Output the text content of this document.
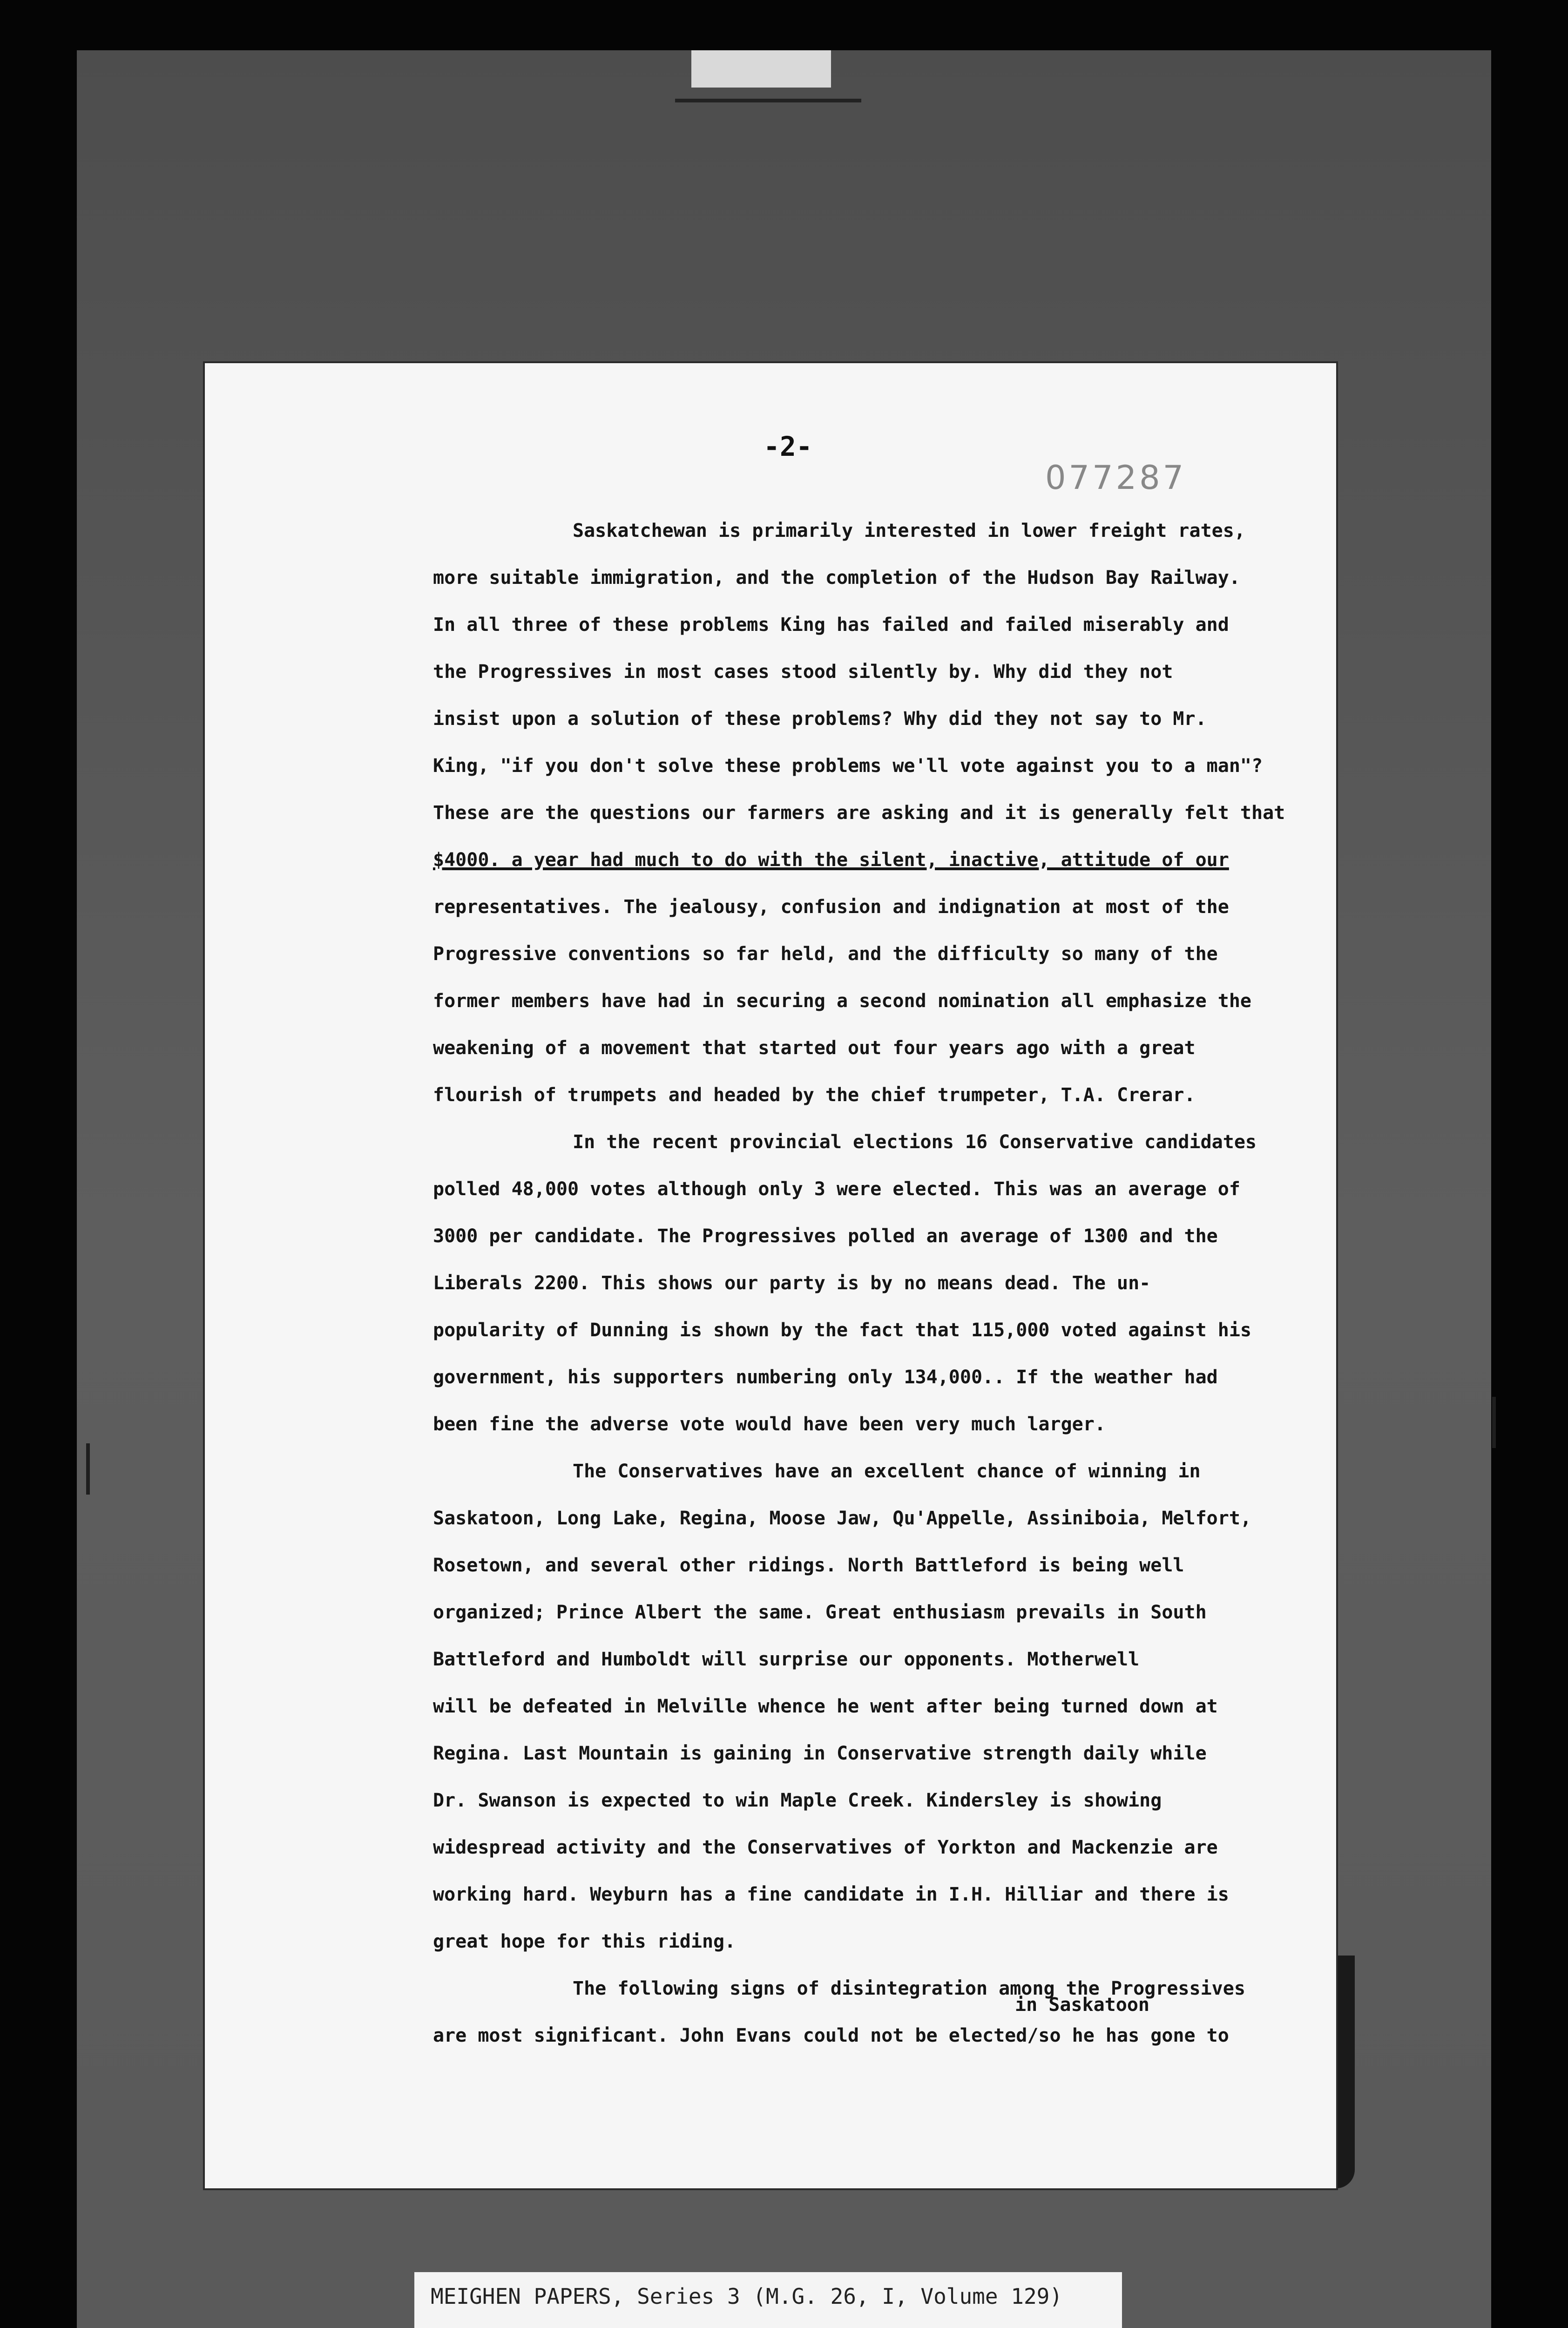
-2-
077287
Saskatchewan is primarily interested in lower freight rates,
more suitable immigration, and the completion of the Hudson Bay Railway.
In all three of these problems King has failed and failed miserably and
the Progressives in most cases stood silently by. Why did they not
insist upon a solution of these problems? Why did they not say to Mr.
King, "if you don't solve these problems we'll vote against you to a man"?
These are the questions our farmers are asking and it is generally felt that
$4000. a year had much to do with the silent, inactive, attitude of our
representatives. The jealousy, confusion and indignation at most of the
Progressive conventions so far held, and the difficulty so many of the
former members have had in securing a second nomination all emphasize the
weakening of a movement that started out four years ago with a great
flourish of trumpets and headed by the chief trumpeter, T.A. Crerar.
In the recent provincial elections 16 Conservative candidates
polled 48,000 votes although only 3 were elected. This was an average of
3000 per candidate. The Progressives polled an average of 1300 and the
Liberals 2200. This shows our party is by no means dead. The un-
popularity of Dunning is shown by the fact that 115,000 voted against his
government, his supporters numbering only 134,000.. If the weather had
been fine the adverse vote would have been very much larger.
The Conservatives have an excellent chance of winning in
Saskatoon, Long Lake, Regina, Moose Jaw, Qu'Appelle, Assiniboia, Melfort,
Rosetown, and several other ridings. North Battleford is being well
organized; Prince Albert the same. Great enthusiasm prevails in South
Battleford and Humboldt will surprise our opponents. Motherwell
will be defeated in Melville whence he went after being turned down at
Regina. Last Mountain is gaining in Conservative strength daily while
Dr. Swanson is expected to win Maple Creek. Kindersley is showing
widespread activity and the Conservatives of Yorkton and Mackenzie are
working hard. Weyburn has a fine candidate in I.H. Hilliar and there is
great hope for this riding.
The following signs of disintegration among the Progressives
are most significant. John Evans could not be elected/so he has gone to
in Saskatoon
MEIGHEN PAPERS, Series 3 (M.G. 26, I, Volume 129)
